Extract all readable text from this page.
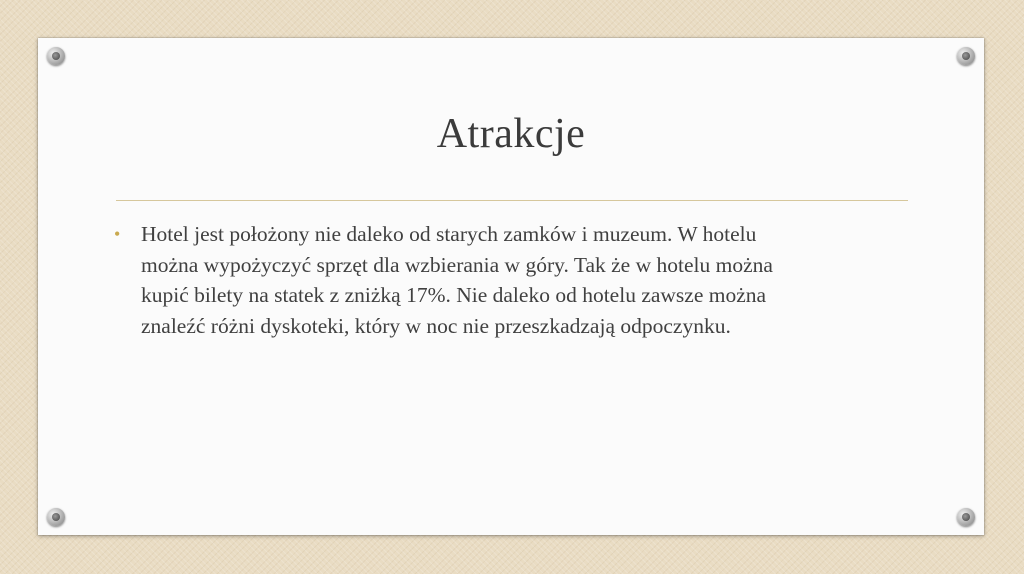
Atrakcje
• Hotel jest położony nie daleko od starych zamków i muzeum. W hotelu
można wypożyczyć sprzęt dla wzbierania w góry. Tak że w hotelu można
kupić bilety na statek z zniżką 17%. Nie daleko od hotelu zawsze można
znaleźć różni dyskoteki, który w noc nie przeszkadzają odpoczynku.
